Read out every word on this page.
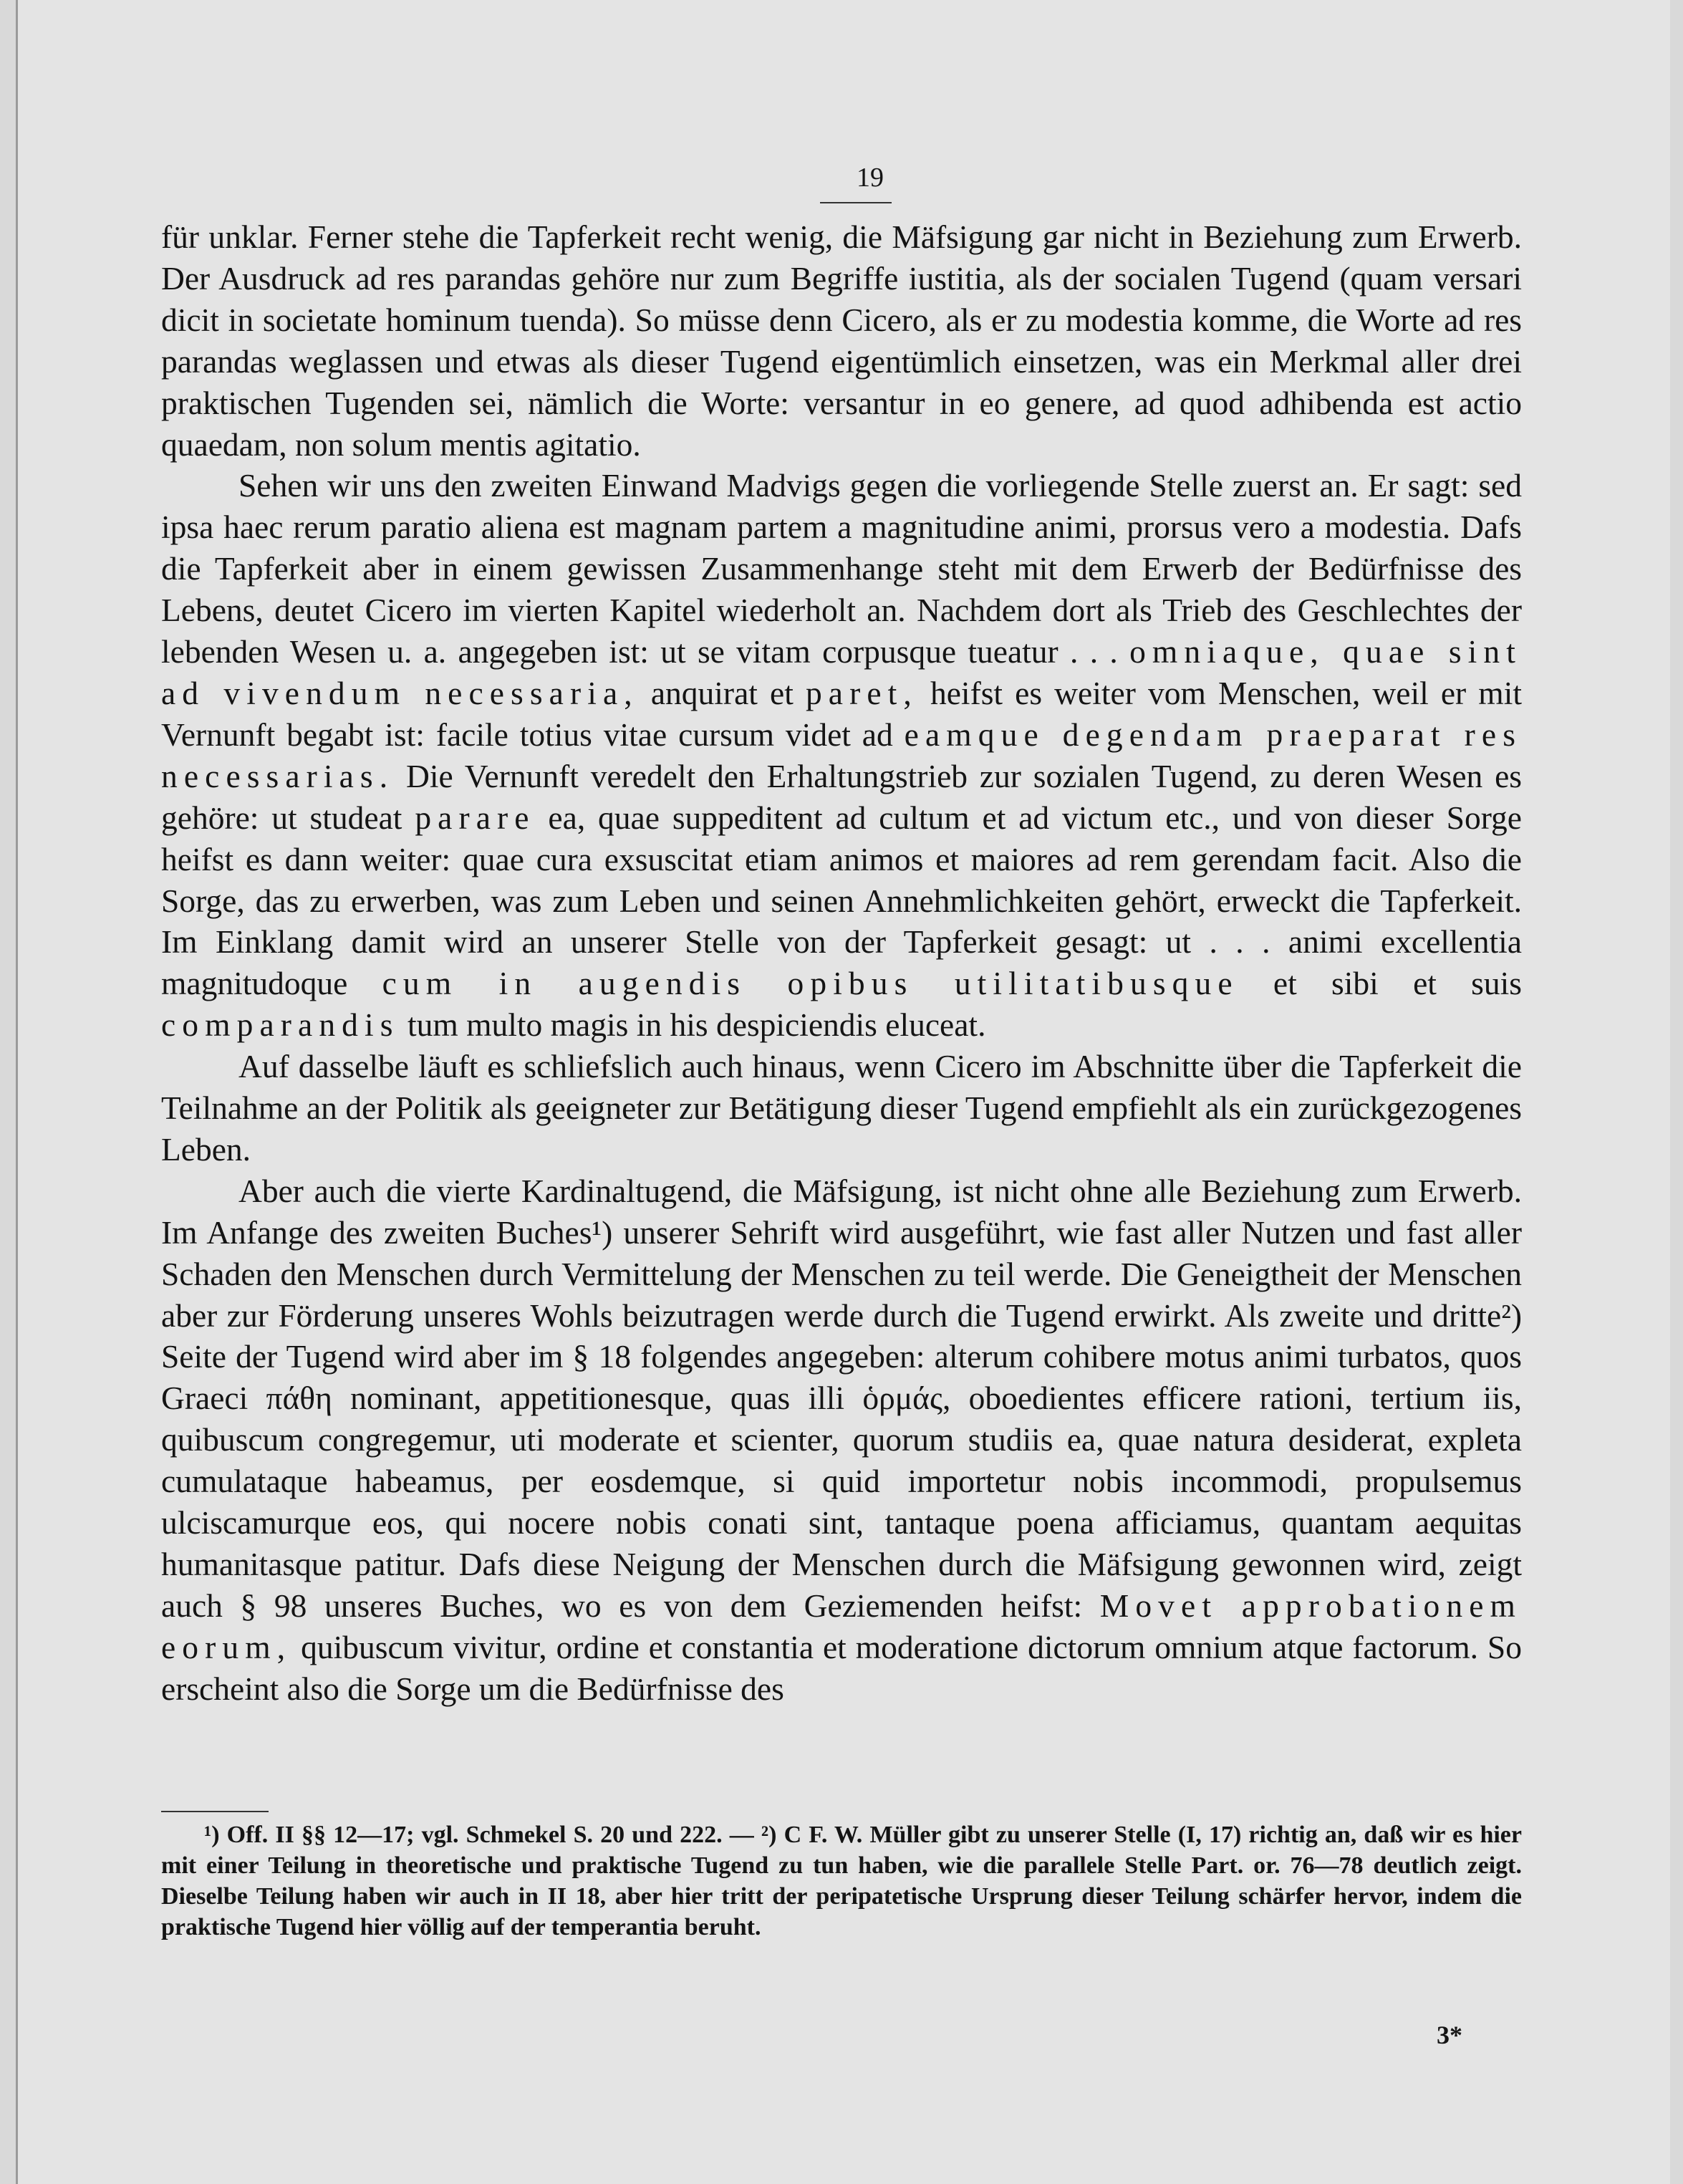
19

für unklar. Ferner stehe die Tapferkeit recht wenig, die Mäfsigung gar nicht in Beziehung zum Erwerb. Der Ausdruck ad res parandas gehöre nur zum Begriffe iustitia, als der socialen Tugend (quam versari dicit in societate hominum tuenda). So müsse denn Cicero, als er zu modestia komme, die Worte ad res parandas weglassen und etwas als dieser Tugend eigentümlich einsetzen, was ein Merkmal aller drei praktischen Tugenden sei, nämlich die Worte: versantur in eo genere, ad quod adhibenda est actio quaedam, non solum mentis agitatio.

Sehen wir uns den zweiten Einwand Madvigs gegen die vorliegende Stelle zuerst an. Er sagt: sed ipsa haec rerum paratio aliena est magnam partem a magnitudine animi, prorsus vero a modestia. Dafs die Tapferkeit aber in einem gewissen Zusammenhange steht mit dem Erwerb der Bedürfnisse des Lebens, deutet Cicero im vierten Kapitel wiederholt an. Nachdem dort als Trieb des Geschlechtes der lebenden Wesen u. a. angegeben ist: ut se vitam corpusque tueatur . . . omniaque, quae sint ad vivendum necessaria, anquirat et paret, heifst es weiter vom Menschen, weil er mit Vernunft begabt ist: facile totius vitae cursum videt ad eamque degendam praeparat res necessarias. Die Vernunft veredelt den Erhaltungstrieb zur sozialen Tugend, zu deren Wesen es gehöre: ut studeat parare ea, quae suppeditent ad cultum et ad victum etc., und von dieser Sorge heifst es dann weiter: quae cura exsuscitat etiam animos et maiores ad rem gerendam facit. Also die Sorge, das zu erwerben, was zum Leben und seinen Annehmlichkeiten gehört, erweckt die Tapferkeit. Im Einklang damit wird an unserer Stelle von der Tapferkeit gesagt: ut . . . animi excellentia magnitudoque cum in augendis opibus utilitatibusque et sibi et suis comparandis tum multo magis in his despiciendis eluceat.

Auf dasselbe läuft es schliefslich auch hinaus, wenn Cicero im Abschnitte über die Tapferkeit die Teilnahme an der Politik als geeigneter zur Betätigung dieser Tugend empfiehlt als ein zurückgezogenes Leben.

Aber auch die vierte Kardinaltugend, die Mäfsigung, ist nicht ohne alle Beziehung zum Erwerb. Im Anfange des zweiten Buches¹) unserer Sehrift wird ausgeführt, wie fast aller Nutzen und fast aller Schaden den Menschen durch Vermittelung der Menschen zu teil werde. Die Geneigtheit der Menschen aber zur Förderung unseres Wohls beizutragen werde durch die Tugend erwirkt. Als zweite und dritte²) Seite der Tugend wird aber im § 18 folgendes angegeben: alterum cohibere motus animi turbatos, quos Graeci πάθη nominant, appetitionesque, quas illi ὁρμάς, oboedientes efficere rationi, tertium iis, quibuscum congregemur, uti moderate et scienter, quorum studiis ea, quae natura desiderat, expleta cumulataque habeamus, per eosdemque, si quid importetur nobis incommodi, propulsemus ulciscamurque eos, qui nocere nobis conati sint, tantaque poena afficiamus, quantam aequitas humanitasque patitur. Dafs diese Neigung der Menschen durch die Mäfsigung gewonnen wird, zeigt auch § 98 unseres Buches, wo es von dem Geziemenden heifst: Movet approbationem eorum, quibuscum vivitur, ordine et constantia et moderatione dictorum omnium atque factorum. So erscheint also die Sorge um die Bedürfnisse des

¹) Off. II §§ 12—17; vgl. Schmekel S. 20 und 222. — ²) C F. W. Müller gibt zu unserer Stelle (I, 17) richtig an, daß wir es hier mit einer Teilung in theoretische und praktische Tugend zu tun haben, wie die parallele Stelle Part. or. 76—78 deutlich zeigt. Dieselbe Teilung haben wir auch in II 18, aber hier tritt der peripatetische Ursprung dieser Teilung schärfer hervor, indem die praktische Tugend hier völlig auf der temperantia beruht.

3*
